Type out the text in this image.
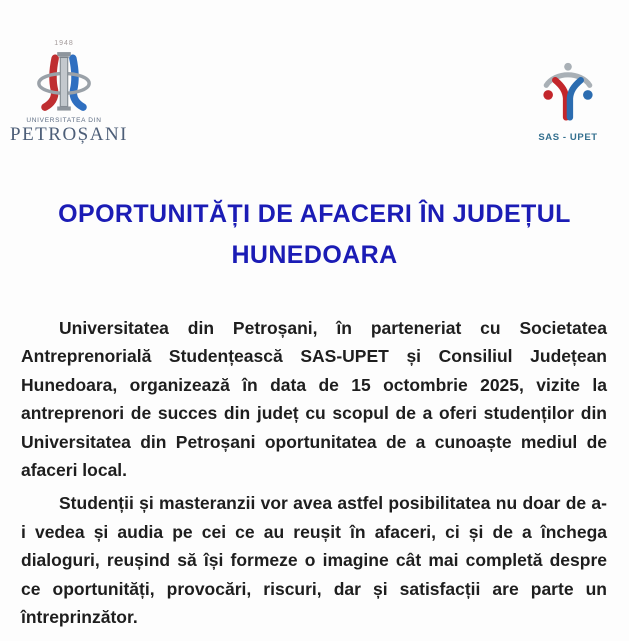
1948
UNIVERSITATEA DIN
PETROȘANI	SAS - UPET
OPORTUNITĂȚI DE AFACERI ÎN JUDEȚUL
HUNEDOARA

Universitatea din Petroșani, în parteneriat cu Societatea Antreprenorială Studențească SAS-UPET și Consiliul Județean Hunedoara, organizează în data de 15 octombrie 2025, vizite la antreprenori de succes din județ cu scopul de a oferi studenților din Universitatea din Petroșani oportunitatea de a cunoaște mediul de afaceri local.

Studenții și masteranzii vor avea astfel posibilitatea nu doar de a-i vedea și audia pe cei ce au reușit în afaceri, ci și de a închega dialoguri, reușind să își formeze o imagine cât mai completă despre ce oportunități, provocări, riscuri, dar și satisfacții are parte un întreprinzător.
